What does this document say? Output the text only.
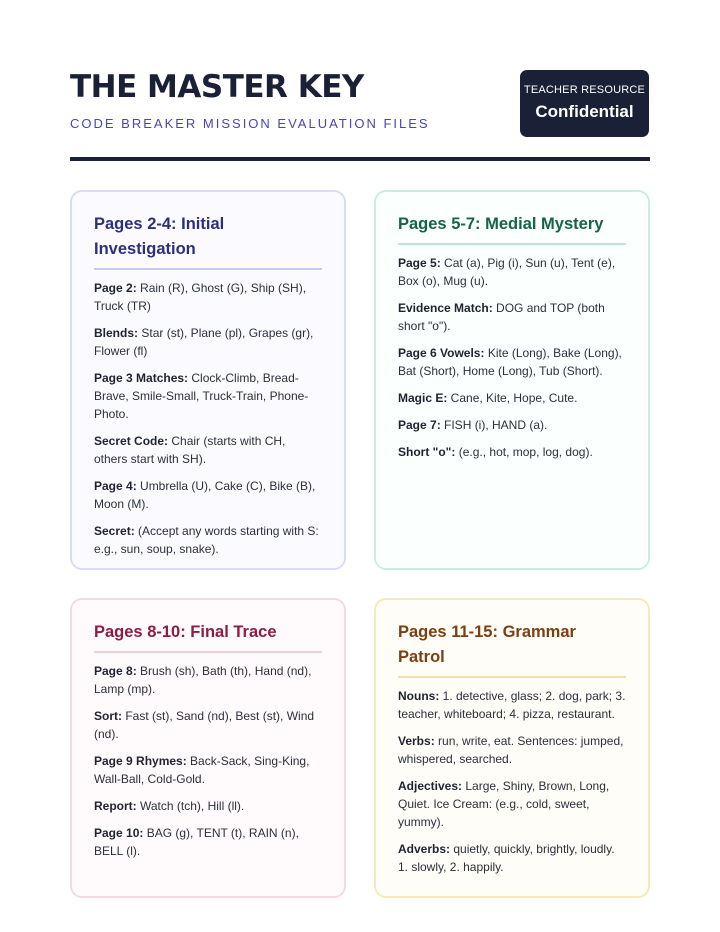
THE MASTER KEY
CODE BREAKER MISSION EVALUATION FILES
TEACHER RESOURCE
Confidential
Pages 2-4: Initial Investigation
Page 2: Rain (R), Ghost (G), Ship (SH), Truck (TR)
Blends: Star (st), Plane (pl), Grapes (gr), Flower (fl)
Page 3 Matches: Clock-Climb, Bread-Brave, Smile-Small, Truck-Train, Phone-Photo.
Secret Code: Chair (starts with CH, others start with SH).
Page 4: Umbrella (U), Cake (C), Bike (B), Moon (M).
Secret: (Accept any words starting with S: e.g., sun, soup, snake).
Pages 5-7: Medial Mystery
Page 5: Cat (a), Pig (i), Sun (u), Tent (e), Box (o), Mug (u).
Evidence Match: DOG and TOP (both short "o").
Page 6 Vowels: Kite (Long), Bake (Long), Bat (Short), Home (Long), Tub (Short).
Magic E: Cane, Kite, Hope, Cute.
Page 7: FISH (i), HAND (a).
Short "o": (e.g., hot, mop, log, dog).
Pages 8-10: Final Trace
Page 8: Brush (sh), Bath (th), Hand (nd), Lamp (mp).
Sort: Fast (st), Sand (nd), Best (st), Wind (nd).
Page 9 Rhymes: Back-Sack, Sing-King, Wall-Ball, Cold-Gold.
Report: Watch (tch), Hill (ll).
Page 10: BAG (g), TENT (t), RAIN (n), BELL (l).
Pages 11-15: Grammar Patrol
Nouns: 1. detective, glass; 2. dog, park; 3. teacher, whiteboard; 4. pizza, restaurant.
Verbs: run, write, eat. Sentences: jumped, whispered, searched.
Adjectives: Large, Shiny, Brown, Long, Quiet. Ice Cream: (e.g., cold, sweet, yummy).
Adverbs: quietly, quickly, brightly, loudly. 1. slowly, 2. happily.
